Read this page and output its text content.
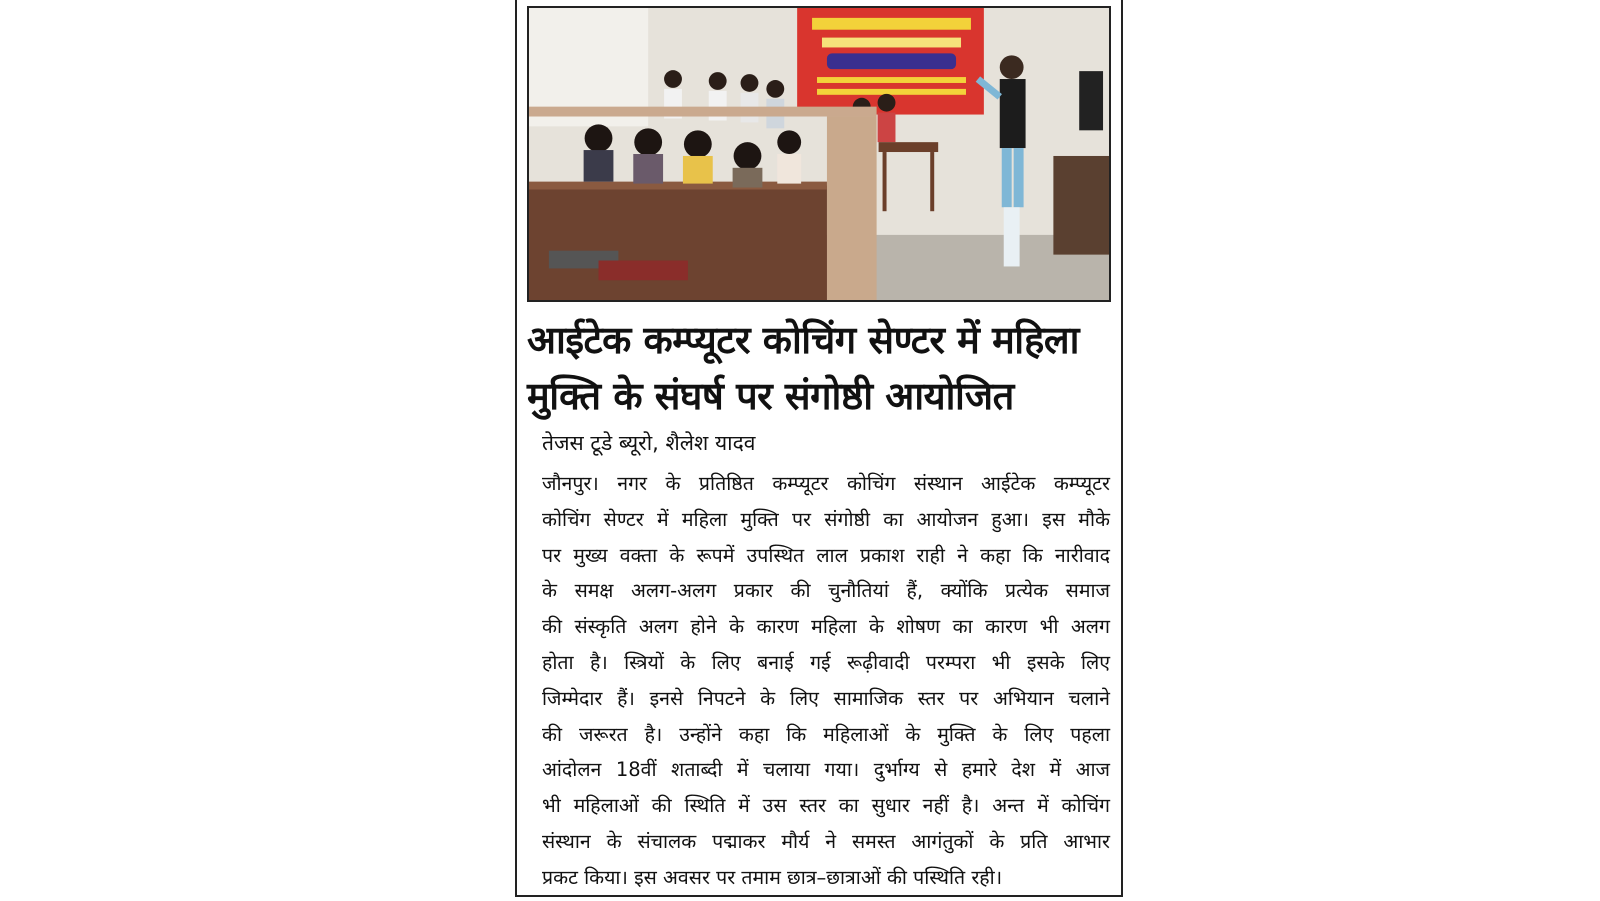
आईटेक कम्प्यूटर कोचिंग सेण्टर में महिला
मुक्ति के संघर्ष पर संगोष्ठी आयोजित
तेजस टूडे ब्यूरो, शैलेश यादव
जौनपुर। नगर के प्रतिष्ठित कम्प्यूटर कोचिंग संस्थान आईटेक कम्प्यूटर
कोचिंग सेण्टर में महिला मुक्ति पर संगोष्ठी का आयोजन हुआ। इस मौके
पर मुख्य वक्ता के रूपमें उपस्थित लाल प्रकाश राही ने कहा कि नारीवाद
के समक्ष अलग-अलग प्रकार की चुनौतियां हैं, क्योंकि प्रत्येक समाज
की संस्कृति अलग होने के कारण महिला के शोषण का कारण भी अलग
होता है। स्त्रियों के लिए बनाई गई रूढ़ीवादी परम्परा भी इसके लिए
जिम्मेदार हैं। इनसे निपटने के लिए सामाजिक स्तर पर अभियान चलाने
की जरूरत है। उन्होंने कहा कि महिलाओं के मुक्ति के लिए पहला
आंदोलन 18वीं शताब्दी में चलाया गया। दुर्भाग्य से हमारे देश में आज
भी महिलाओं की स्थिति में उस स्तर का सुधार नहीं है। अन्त में कोचिंग
संस्थान के संचालक पद्माकर मौर्य ने समस्त आगंतुकों के प्रति आभार
प्रकट किया। इस अवसर पर तमाम छात्र–छात्राओं की पस्थिति रही।
